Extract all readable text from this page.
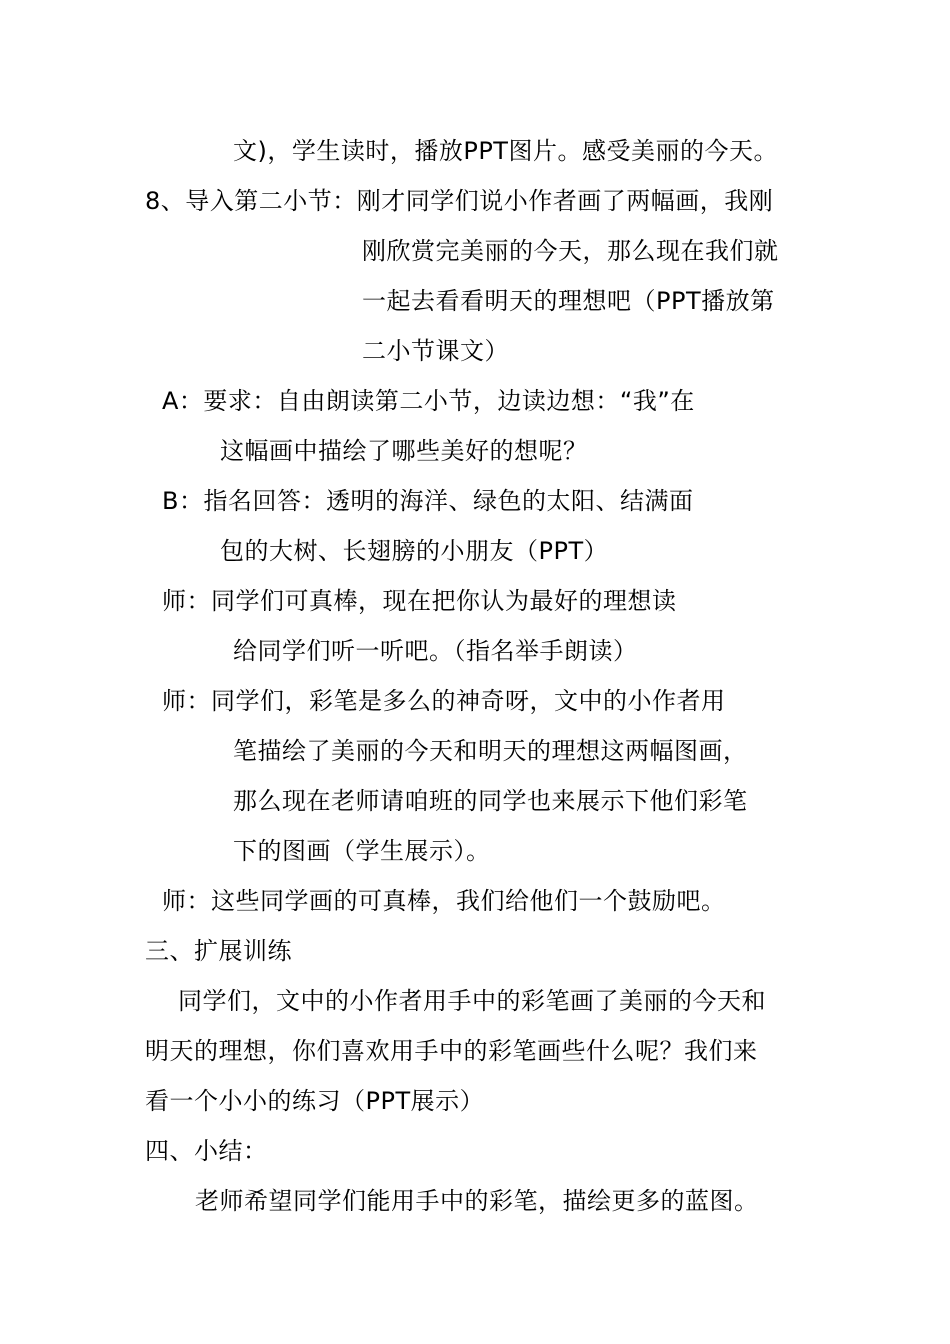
文)，学生读时，播放PPT图片。感受美丽的今天。
8、导入第二小节：刚才同学们说小作者画了两幅画，我刚
刚欣赏完美丽的今天，那么现在我们就
一起去看看明天的理想吧（PPT播放第
二小节课文）
A：要求：自由朗读第二小节，边读边想：“我”在
这幅画中描绘了哪些美好的想呢？
B：指名回答：透明的海洋、绿色的太阳、结满面
包的大树、长翅膀的小朋友（PPT）
师：同学们可真棒，现在把你认为最好的理想读
给同学们听一听吧。（指名举手朗读）
师：同学们，彩笔是多么的神奇呀，文中的小作者用
笔描绘了美丽的今天和明天的理想这两幅图画，
那么现在老师请咱班的同学也来展示下他们彩笔
下的图画（学生展示）。
师：这些同学画的可真棒，我们给他们一个鼓励吧。
三、扩展训练
同学们，文中的小作者用手中的彩笔画了美丽的今天和
明天的理想，你们喜欢用手中的彩笔画些什么呢？我们来
看一个小小的练习（PPT展示）
四、小结：
老师希望同学们能用手中的彩笔，描绘更多的蓝图。
